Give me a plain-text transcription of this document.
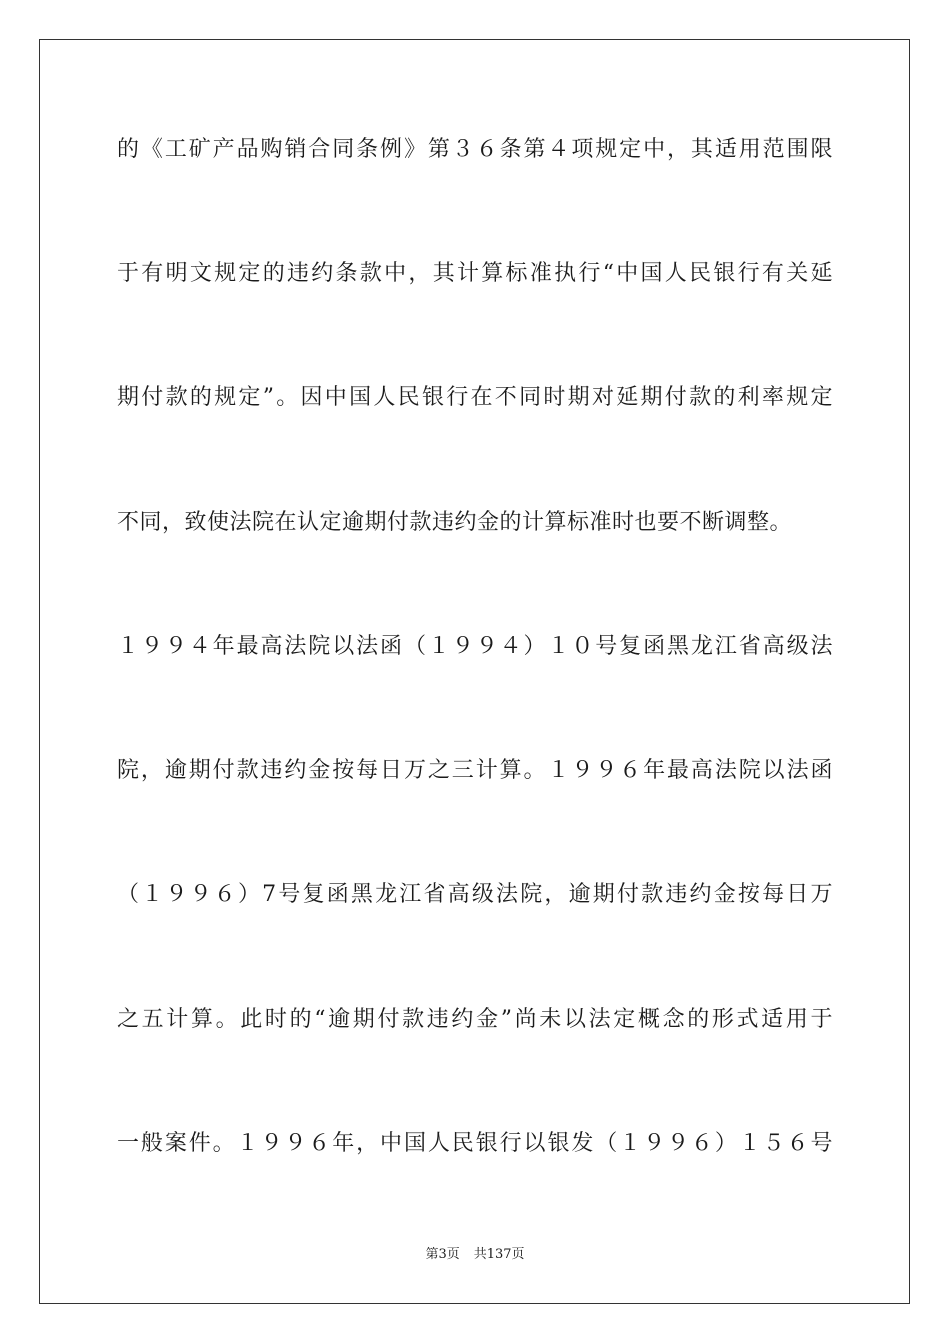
的《工矿产品购销合同条例》第３６条第４项规定中，其适用范围限
于有明文规定的违约条款中，其计算标准执行“中国人民银行有关延
期付款的规定”。因中国人民银行在不同时期对延期付款的利率规定
不同，致使法院在认定逾期付款违约金的计算标准时也要不断调整。
１９９４年最高法院以法函（１９９４）１０号复函黑龙江省高级法
院，逾期付款违约金按每日万之三计算。１９９６年最高法院以法函
（１９９６）7号复函黑龙江省高级法院，逾期付款违约金按每日万
之五计算。此时的“逾期付款违约金”尚未以法定概念的形式适用于
一般案件。１９９６年，中国人民银行以银发（１９９６）１５６号
第3页 共137页
